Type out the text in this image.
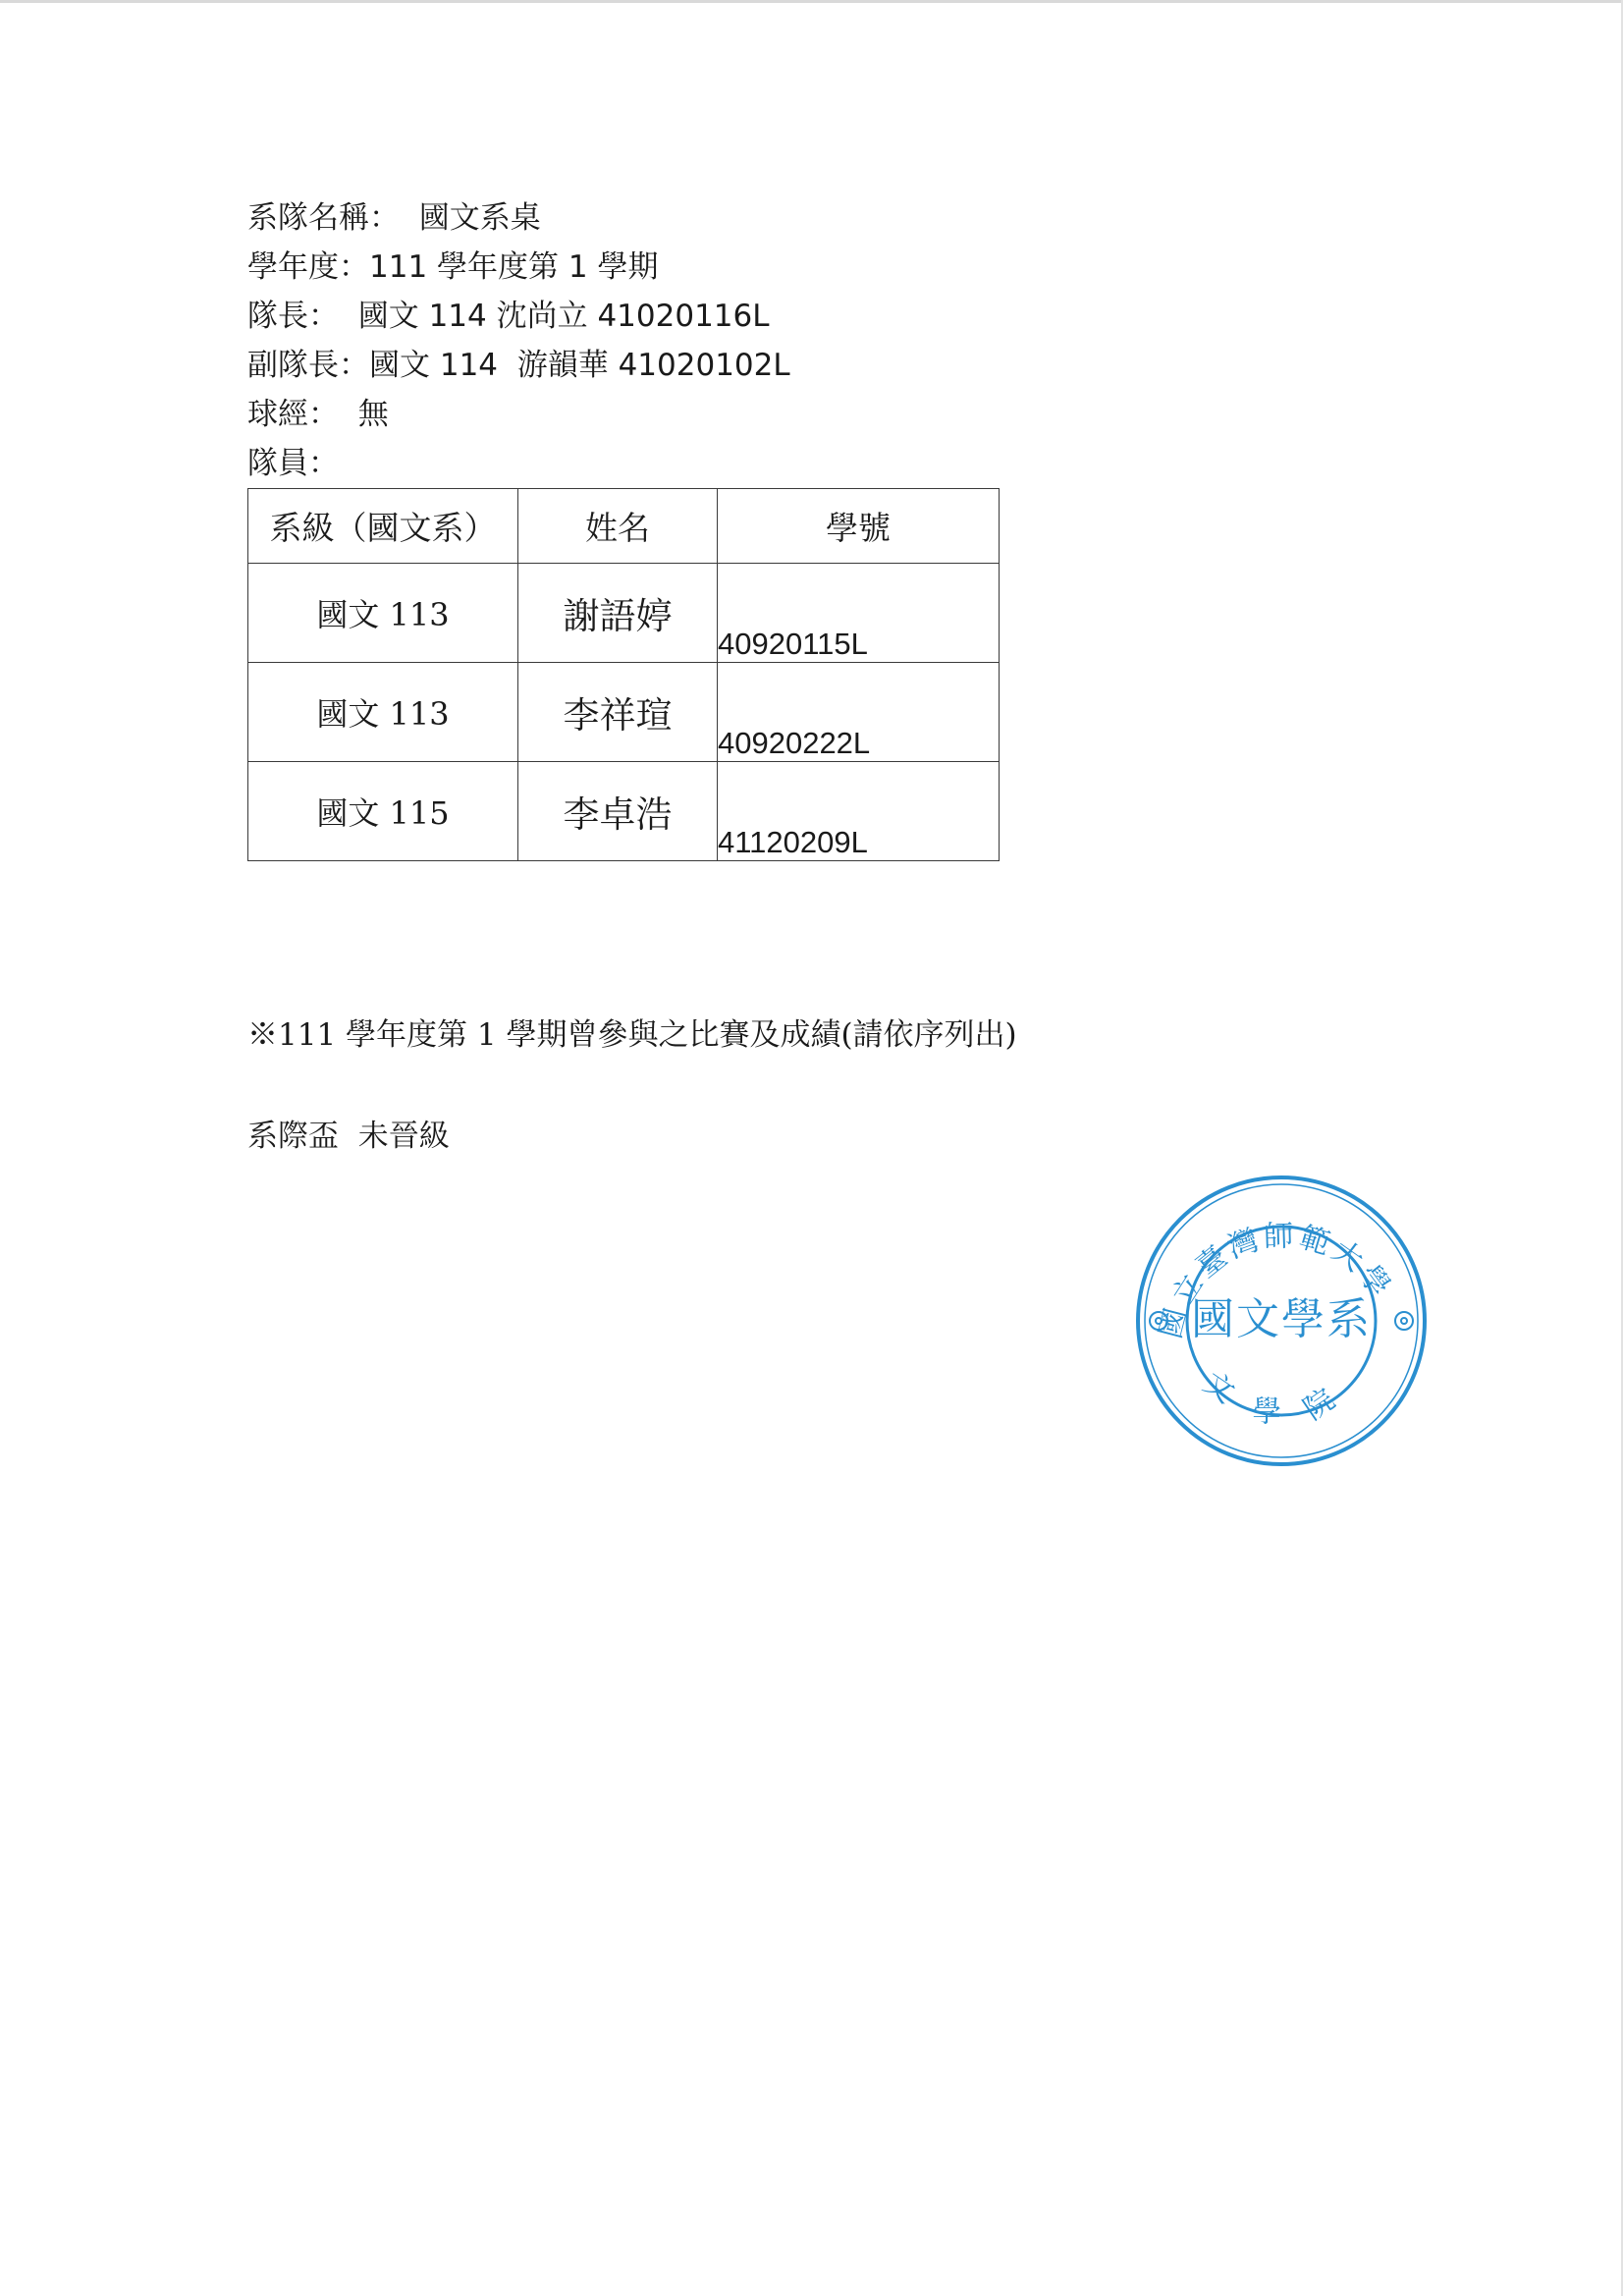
系隊名稱： 國文系桌
學年度：111 學年度第 1 學期
隊長： 國文 114 沈尚立 41020116L
副隊長：國文 114  游韻華 41020102L
球經： 無
隊員：
系級（國文系）	姓名	學號
國文 113	謝語婷	40920115L
國文 113	李祥瑄	40920222L
國文 115	李卓浩	41120209L
※111 學年度第 1 學期曾參與之比賽及成績(請依序列出)
系際盃  未晉級
國立臺灣師範大學
國文學系
文學院
